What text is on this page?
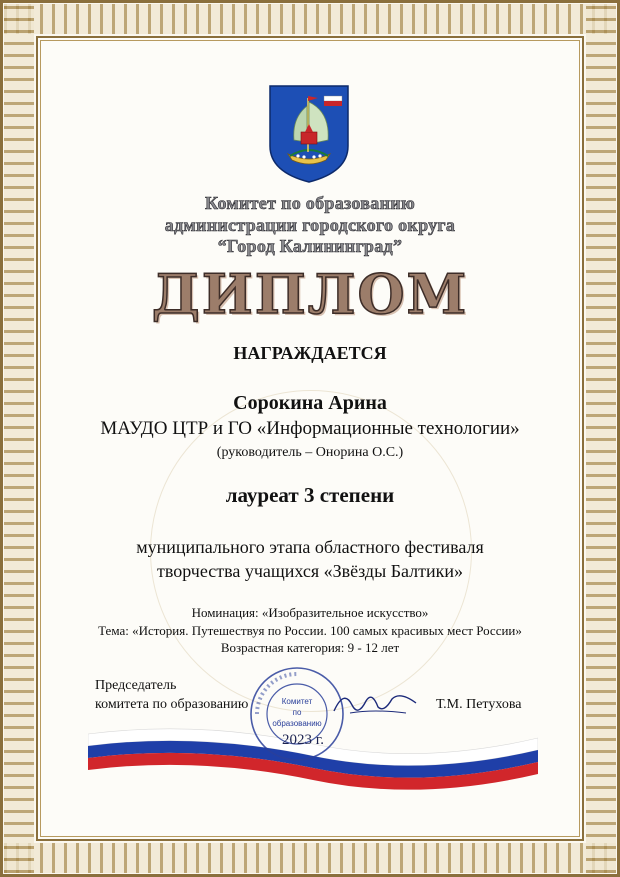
Комитет по образованию
администрации городского округа
“Город Калининград”
ДИПЛОМ
НАГРАЖДАЕТСЯ
Сорокина Арина
МАУДО ЦТР и ГО «Информационные технологии»
(руководитель – Онорина О.С.)
лауреат 3 степени
муниципального этапа областного фестиваля
творчества учащихся «Звёзды Балтики»
Номинация: «Изобразительное искусство»
Тема: «История. Путешествуя по России. 100 самых красивых мест России»
Возрастная категория: 9 - 12 лет
Председатель
комитета по образованию	Т.М. Петухова
Комитет
по
образованию
2023 г.
